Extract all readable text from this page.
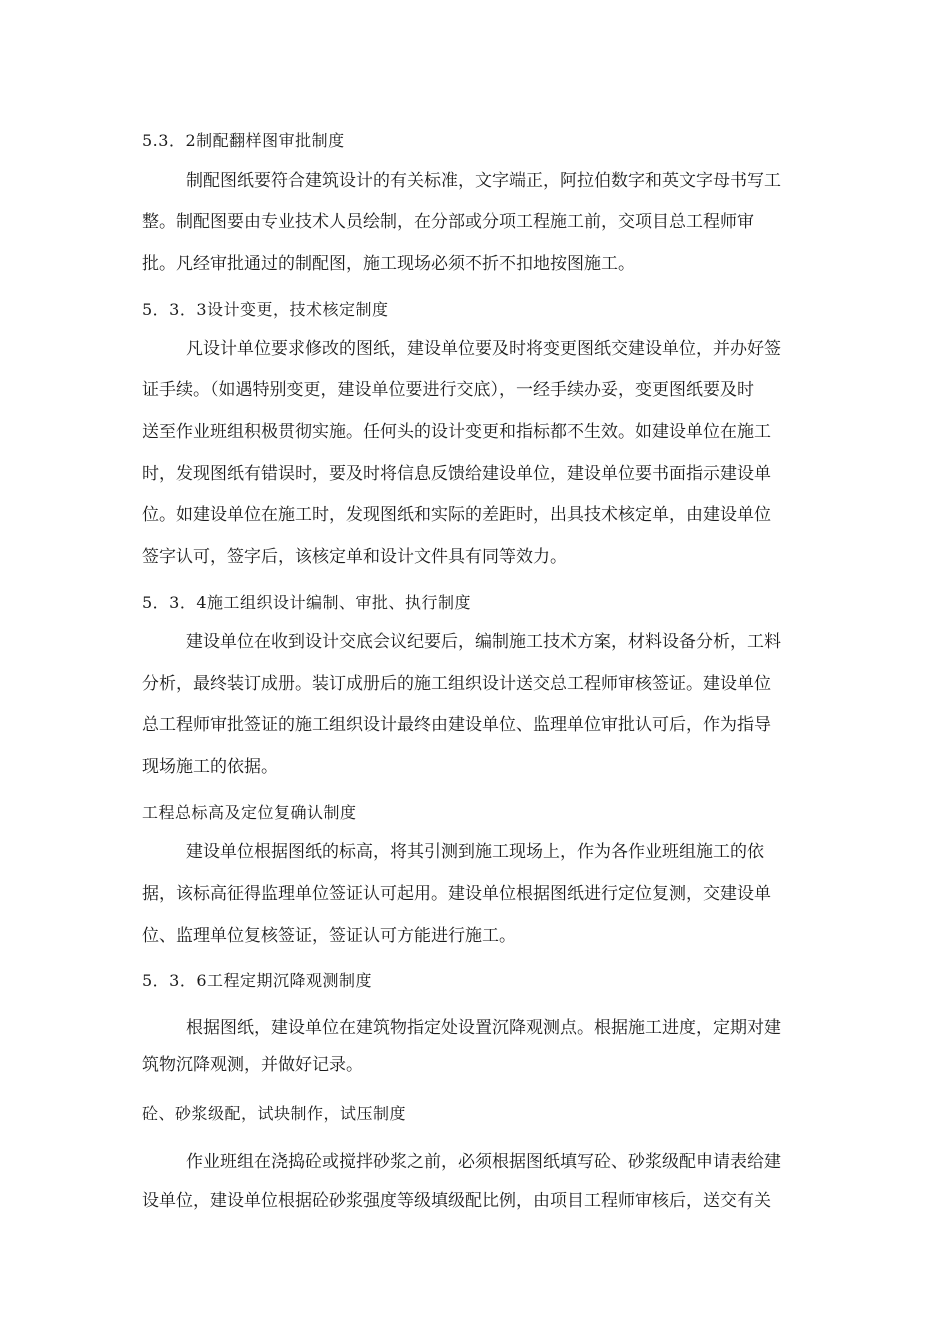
5.3．2制配翻样图审批制度
制配图纸要符合建筑设计的有关标准，文字端正，阿拉伯数字和英文字母书写工
整。制配图要由专业技术人员绘制，在分部或分项工程施工前，交项目总工程师审
批。凡经审批通过的制配图，施工现场必须不折不扣地按图施工。
5．3．3设计变更，技术核定制度
凡设计单位要求修改的图纸，建设单位要及时将变更图纸交建设单位，并办好签
证手续。（如遇特别变更，建设单位要进行交底），一经手续办妥，变更图纸要及时
送至作业班组积极贯彻实施。任何头的设计变更和指标都不生效。如建设单位在施工
时，发现图纸有错误时，要及时将信息反馈给建设单位，建设单位要书面指示建设单
位。如建设单位在施工时，发现图纸和实际的差距时，出具技术核定单，由建设单位
签字认可，签字后，该核定单和设计文件具有同等效力。
5．3．4施工组织设计编制、审批、执行制度
建设单位在收到设计交底会议纪要后，编制施工技术方案，材料设备分析，工料
分析，最终装订成册。装订成册后的施工组织设计送交总工程师审核签证。建设单位
总工程师审批签证的施工组织设计最终由建设单位、监理单位审批认可后，作为指导
现场施工的依据。
工程总标高及定位复确认制度
建设单位根据图纸的标高，将其引测到施工现场上，作为各作业班组施工的依
据，该标高征得监理单位签证认可起用。建设单位根据图纸进行定位复测，交建设单
位、监理单位复核签证，签证认可方能进行施工。
5．3．6工程定期沉降观测制度
根据图纸，建设单位在建筑物指定处设置沉降观测点。根据施工进度，定期对建
筑物沉降观测，并做好记录。
砼、砂浆级配，试块制作，试压制度
作业班组在浇捣砼或搅拌砂浆之前，必须根据图纸填写砼、砂浆级配申请表给建
设单位，建设单位根据砼砂浆强度等级填级配比例，由项目工程师审核后，送交有关
